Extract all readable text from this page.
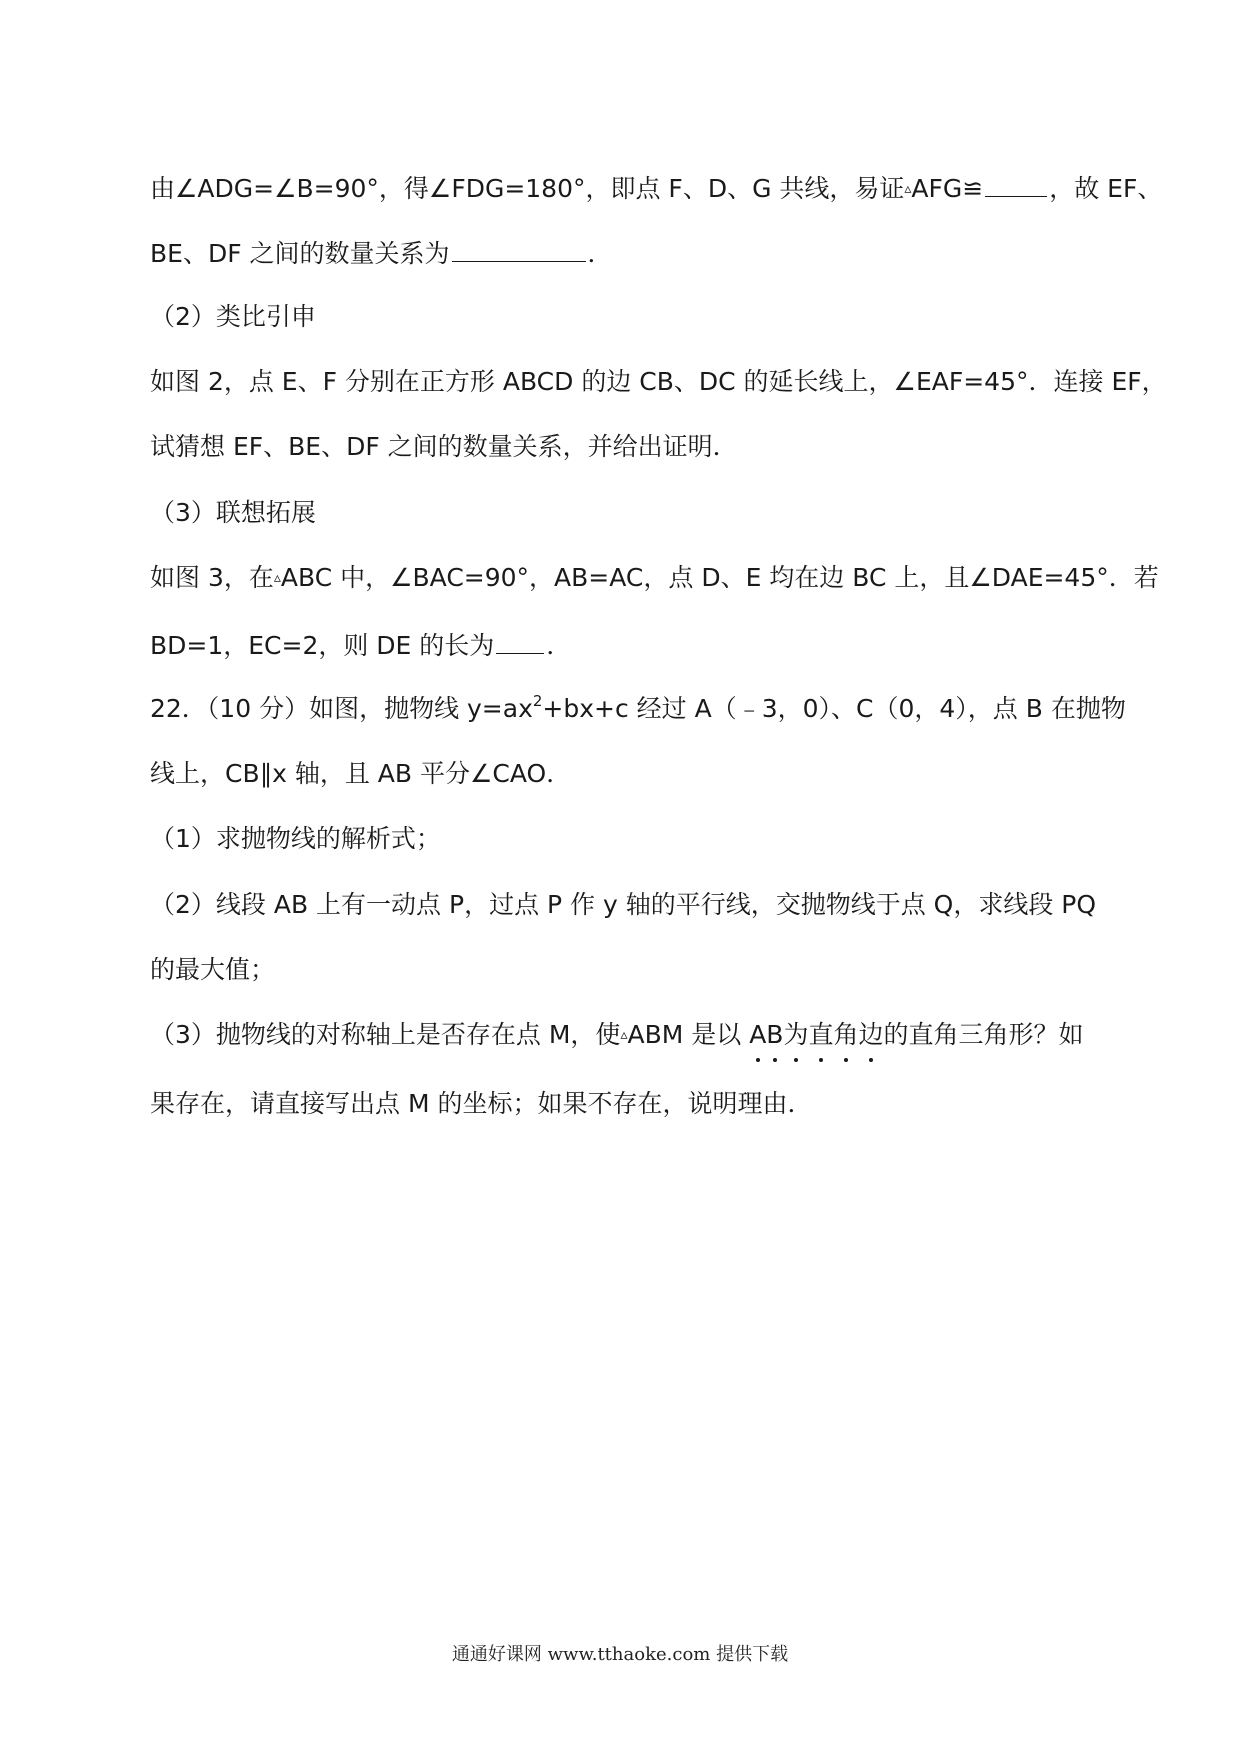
由∠ADG=∠B=90°，得∠FDG=180°，即点 F、D、G 共线，易证▵AFG≌	，故 EF、
BE、DF 之间的数量关系为	．
（2）类比引申
如图 2，点 E、F 分别在正方形 ABCD 的边 CB、DC 的延长线上，∠EAF=45°．连接 EF，
试猜想 EF、BE、DF 之间的数量关系，并给出证明．
（3）联想拓展
如图 3，在▵ABC 中，∠BAC=90°，AB=AC，点 D、E 均在边 BC 上，且∠DAE=45°．若
BD=1，EC=2，则 DE 的长为 ．
22．（10 分）如图，抛物线 $y=ax^2+bx+c$ 经过 A（﹣3，0）、C（0，4），点 B 在抛物
线上，CB∥x 轴，且 AB 平分∠CAO．
（1）求抛物线的解析式；
（2）线段 AB 上有一动点 P，过点 P 作 y 轴的平行线，交抛物线于点 Q，求线段 PQ
的最大值；
（3）抛物线的对称轴上是否存在点 M，使▵ABM 是以 AB为直角边的直角三角形？如
果存在，请直接写出点 M 的坐标；如果不存在，说明理由．
通通好课网 www.tthaoke.com 提供下载
